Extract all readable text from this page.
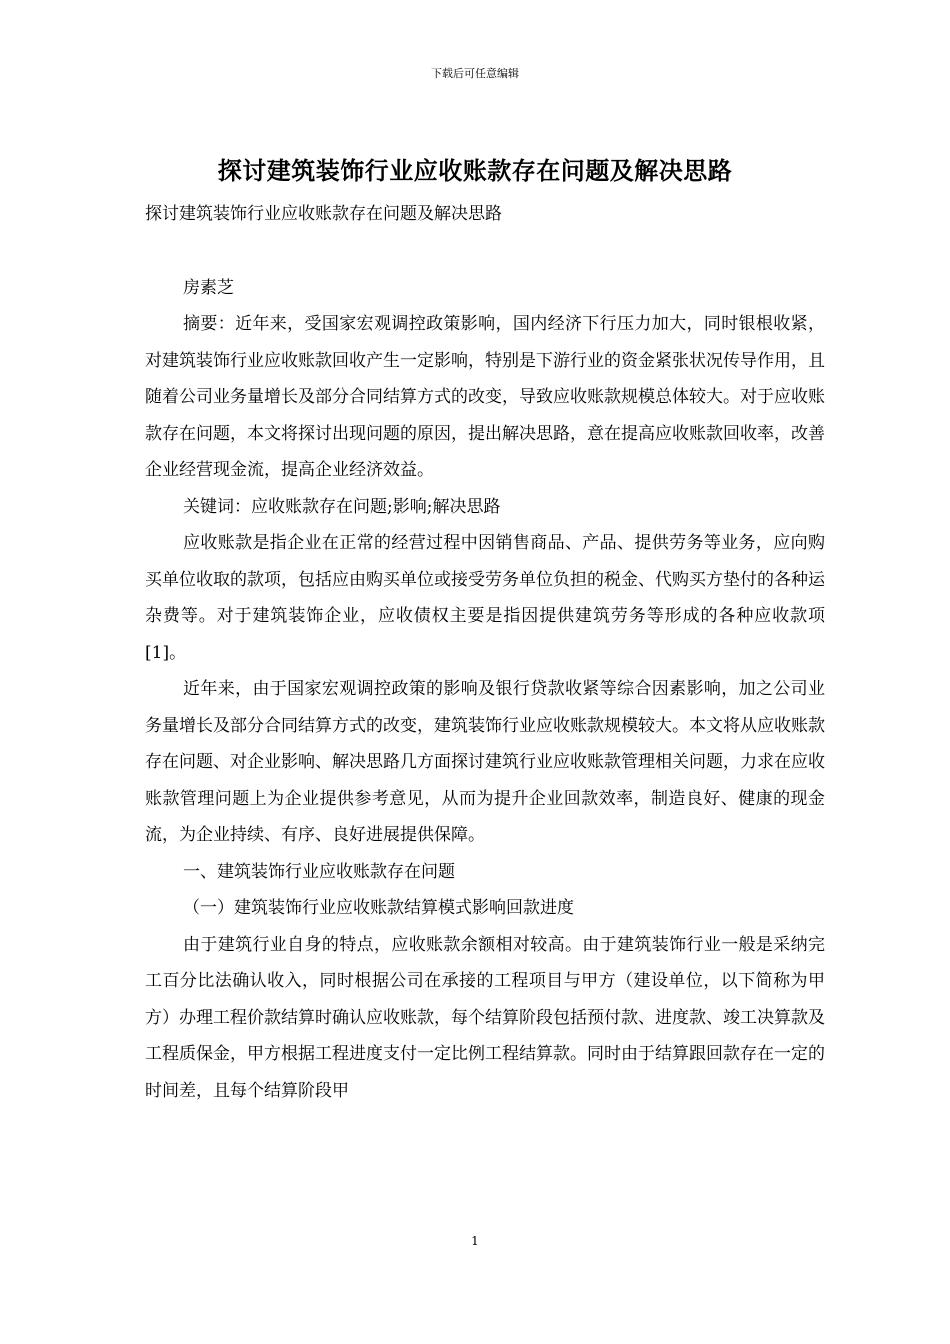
下载后可任意编辑
探讨建筑装饰行业应收账款存在问题及解决思路

探讨建筑装饰行业应收账款存在问题及解决思路

房素芝

摘要：近年来，受国家宏观调控政策影响，国内经济下行压力加大，同时银根收紧，对建筑装饰行业应收账款回收产生一定影响，特别是下游行业的资金紧张状况传导作用，且随着公司业务量增长及部分合同结算方式的改变，导致应收账款规模总体较大。对于应收账款存在问题，本文将探讨出现问题的原因，提出解决思路，意在提高应收账款回收率，改善企业经营现金流，提高企业经济效益。

关键词：应收账款存在问题;影响;解决思路

应收账款是指企业在正常的经营过程中因销售商品、产品、提供劳务等业务，应向购买单位收取的款项，包括应由购买单位或接受劳务单位负担的税金、代购买方垫付的各种运杂费等。对于建筑装饰企业，应收债权主要是指因提供建筑劳务等形成的各种应收款项[1]。

近年来，由于国家宏观调控政策的影响及银行贷款收紧等综合因素影响，加之公司业务量增长及部分合同结算方式的改变，建筑装饰行业应收账款规模较大。本文将从应收账款存在问题、对企业影响、解决思路几方面探讨建筑行业应收账款管理相关问题，力求在应收账款管理问题上为企业提供参考意见，从而为提升企业回款效率，制造良好、健康的现金流，为企业持续、有序、良好进展提供保障。

一、建筑装饰行业应收账款存在问题

（一）建筑装饰行业应收账款结算模式影响回款进度

由于建筑行业自身的特点，应收账款余额相对较高。由于建筑装饰行业一般是采纳完工百分比法确认收入，同时根据公司在承接的工程项目与甲方（建设单位，以下简称为甲方）办理工程价款结算时确认应收账款，每个结算阶段包括预付款、进度款、竣工决算款及工程质保金，甲方根据工程进度支付一定比例工程结算款。同时由于结算跟回款存在一定的时间差，且每个结算阶段甲

1
